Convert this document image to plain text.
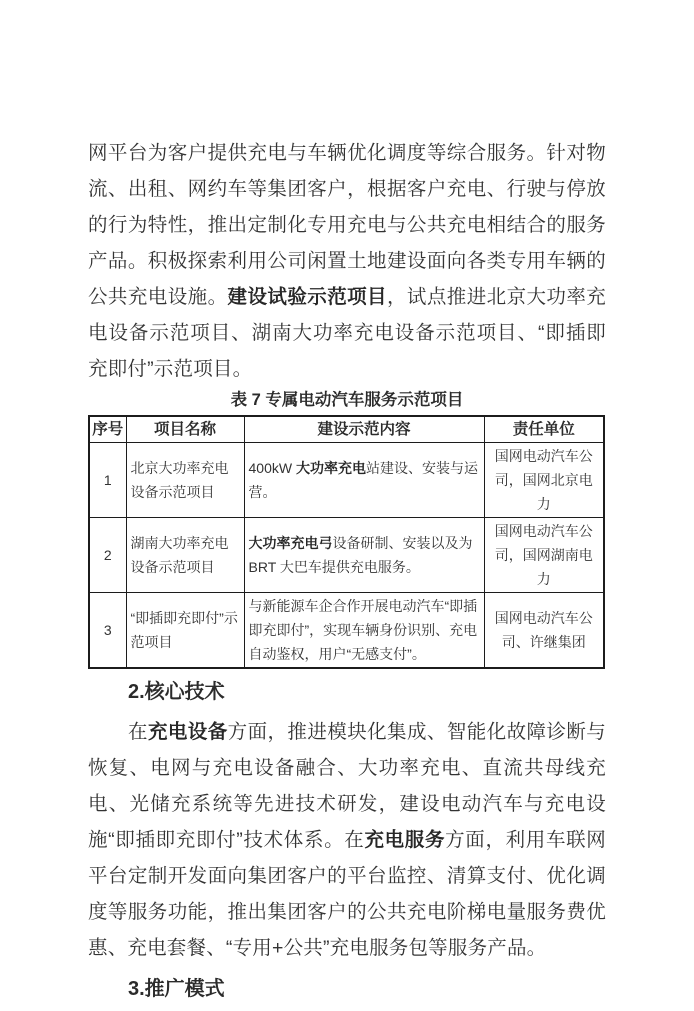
网平台为客户提供充电与车辆优化调度等综合服务。针对物流、出租、网约车等集团客户，根据客户充电、行驶与停放的行为特性，推出定制化专用充电与公共充电相结合的服务产品。积极探索利用公司闲置土地建设面向各类专用车辆的公共充电设施。建设试验示范项目，试点推进北京大功率充电设备示范项目、湖南大功率充电设备示范项目、“即插即充即付”示范项目。

表 7 专属电动汽车服务示范项目
序号	项目名称	建设示范内容	责任单位
1	北京大功率充电设备示范项目	400kW 大功率充电站建设、安装与运营。	国网电动汽车公司，国网北京电力
2	湖南大功率充电设备示范项目	大功率充电弓设备研制、安装以及为 BRT 大巴车提供充电服务。	国网电动汽车公司，国网湖南电力
3	“即插即充即付”示范项目	与新能源车企合作开展电动汽车“即插即充即付”，实现车辆身份识别、充电自动鉴权，用户“无感支付”。	国网电动汽车公司、许继集团
2.核心技术

在充电设备方面，推进模块化集成、智能化故障诊断与恢复、电网与充电设备融合、大功率充电、直流共母线充电、光储充系统等先进技术研发，建设电动汽车与充电设施“即插即充即付”技术体系。在充电服务方面，利用车联网平台定制开发面向集团客户的平台监控、清算支付、优化调度等服务功能，推出集团客户的公共充电阶梯电量服务费优惠、充电套餐、“专用+公共”充电服务包等服务产品。

3.推广模式
